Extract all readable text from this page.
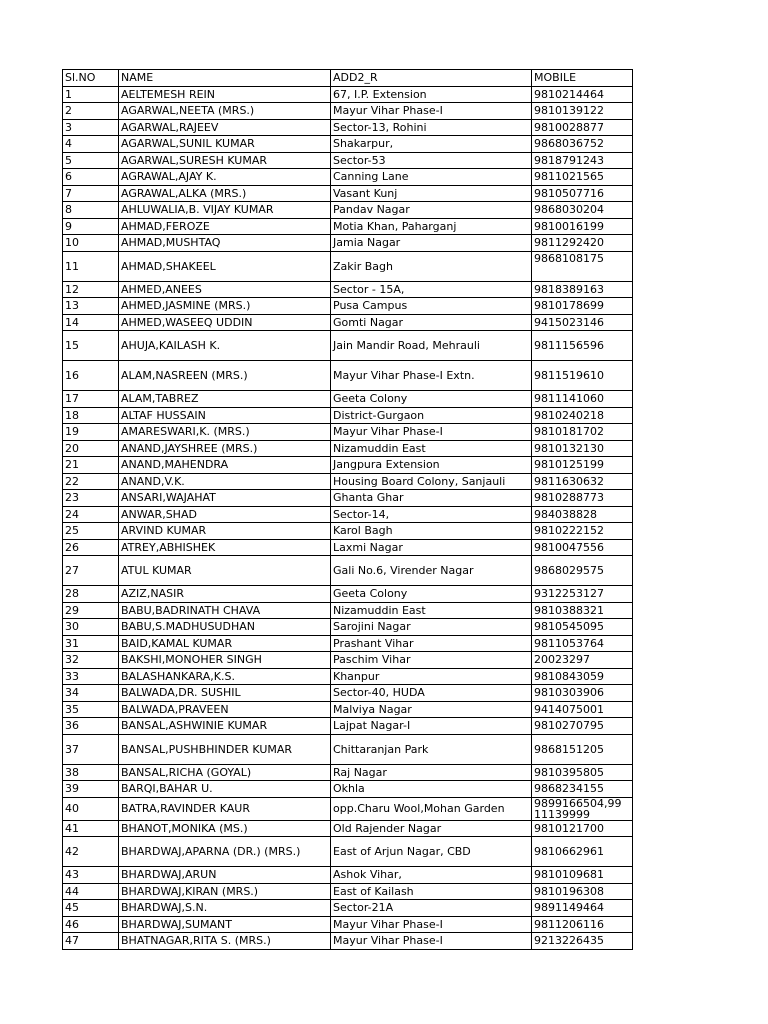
Sl.NO	NAME	ADD2_R	MOBILE
1	AELTEMESH REIN	67, I.P. Extension	9810214464
2	AGARWAL,NEETA (MRS.)	Mayur Vihar Phase-I	9810139122
3	AGARWAL,RAJEEV	Sector-13, Rohini	9810028877
4	AGARWAL,SUNIL KUMAR	Shakarpur,	9868036752
5	AGARWAL,SURESH KUMAR	Sector-53	9818791243
6	AGRAWAL,AJAY K.	Canning Lane	9811021565
7	AGRAWAL,ALKA (MRS.)	Vasant Kunj	9810507716
8	AHLUWALIA,B. VIJAY KUMAR	Pandav Nagar	9868030204
9	AHMAD,FEROZE	Motia Khan, Paharganj	9810016199
10	AHMAD,MUSHTAQ	Jamia Nagar	9811292420
11	AHMAD,SHAKEEL	Zakir Bagh	9868108175
12	AHMED,ANEES	Sector - 15A,	9818389163
13	AHMED,JASMINE (MRS.)	Pusa Campus	9810178699
14	AHMED,WASEEQ UDDIN	Gomti Nagar	9415023146
15	AHUJA,KAILASH K.	Jain Mandir Road, Mehrauli	9811156596
16	ALAM,NASREEN (MRS.)	Mayur Vihar Phase-I Extn.	9811519610
17	ALAM,TABREZ	Geeta Colony	9811141060
18	ALTAF HUSSAIN	District-Gurgaon	9810240218
19	AMARESWARI,K. (MRS.)	Mayur Vihar Phase-I	9810181702
20	ANAND,JAYSHREE (MRS.)	Nizamuddin East	9810132130
21	ANAND,MAHENDRA	Jangpura Extension	9810125199
22	ANAND,V.K.	Housing Board Colony, Sanjauli	9811630632
23	ANSARI,WAJAHAT	Ghanta Ghar	9810288773
24	ANWAR,SHAD	Sector-14,	984038828
25	ARVIND KUMAR	Karol Bagh	9810222152
26	ATREY,ABHISHEK	Laxmi Nagar	9810047556
27	ATUL KUMAR	Gali No.6, Virender Nagar	9868029575
28	AZIZ,NASIR	Geeta Colony	9312253127
29	BABU,BADRINATH CHAVA	Nizamuddin East	9810388321
30	BABU,S.MADHUSUDHAN	Sarojini Nagar	9810545095
31	BAID,KAMAL KUMAR	Prashant Vihar	9811053764
32	BAKSHI,MONOHER SINGH	Paschim Vihar	20023297
33	BALASHANKARA,K.S.	Khanpur	9810843059
34	BALWADA,DR. SUSHIL	Sector-40, HUDA	9810303906
35	BALWADA,PRAVEEN	Malviya Nagar	9414075001
36	BANSAL,ASHWINIE KUMAR	Lajpat Nagar-I	9810270795
37	BANSAL,PUSHBHINDER KUMAR	Chittaranjan Park	9868151205
38	BANSAL,RICHA (GOYAL)	Raj Nagar	9810395805
39	BARQI,BAHAR U.	Okhla	9868234155
40	BATRA,RAVINDER KAUR	opp.Charu Wool,Mohan Garden	9899166504,99 11139999
41	BHANOT,MONIKA (MS.)	Old Rajender Nagar	9810121700
42	BHARDWAJ,APARNA (DR.) (MRS.)	East of Arjun Nagar, CBD	9810662961
43	BHARDWAJ,ARUN	Ashok Vihar,	9810109681
44	BHARDWAJ,KIRAN (MRS.)	East of Kailash	9810196308
45	BHARDWAJ,S.N.	Sector-21A	9891149464
46	BHARDWAJ,SUMANT	Mayur Vihar Phase-I	9811206116
47	BHATNAGAR,RITA S. (MRS.)	Mayur Vihar Phase-I	9213226435
